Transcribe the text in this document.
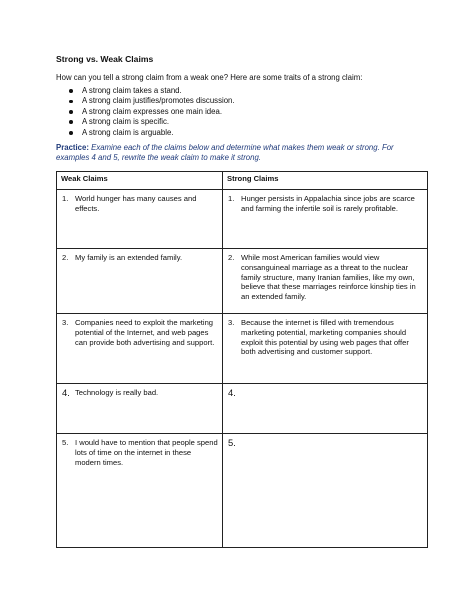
Strong vs. Weak Claims
How can you tell a strong claim from a weak one? Here are some traits of a strong claim:
A strong claim takes a stand.
A strong claim justifies/promotes discussion.
A strong claim expresses one main idea.
A strong claim is specific.
A strong claim is arguable.
Practice: Examine each of the claims below and determine what makes them weak or strong. For examples 4 and 5, rewrite the weak claim to make it strong.
Weak Claims	Strong Claims

1. World hunger has many causes and effects.	1. Hunger persists in Appalachia since jobs are scarce and farming the infertile soil is rarely profitable.

2. My family is an extended family.	2. While most American families would view consanguineal marriage as a threat to the nuclear family structure, many Iranian families, like my own, believe that these marriages reinforce kinship ties in an extended family.

3. Companies need to exploit the marketing potential of the Internet, and web pages can provide both advertising and support.	3. Because the internet is filled with tremendous marketing potential, marketing companies should exploit this potential by using web pages that offer both advertising and customer support.

4. Technology is really bad.	4.

5. I would have to mention that people spend lots of time on the internet in these modern times.	5.
